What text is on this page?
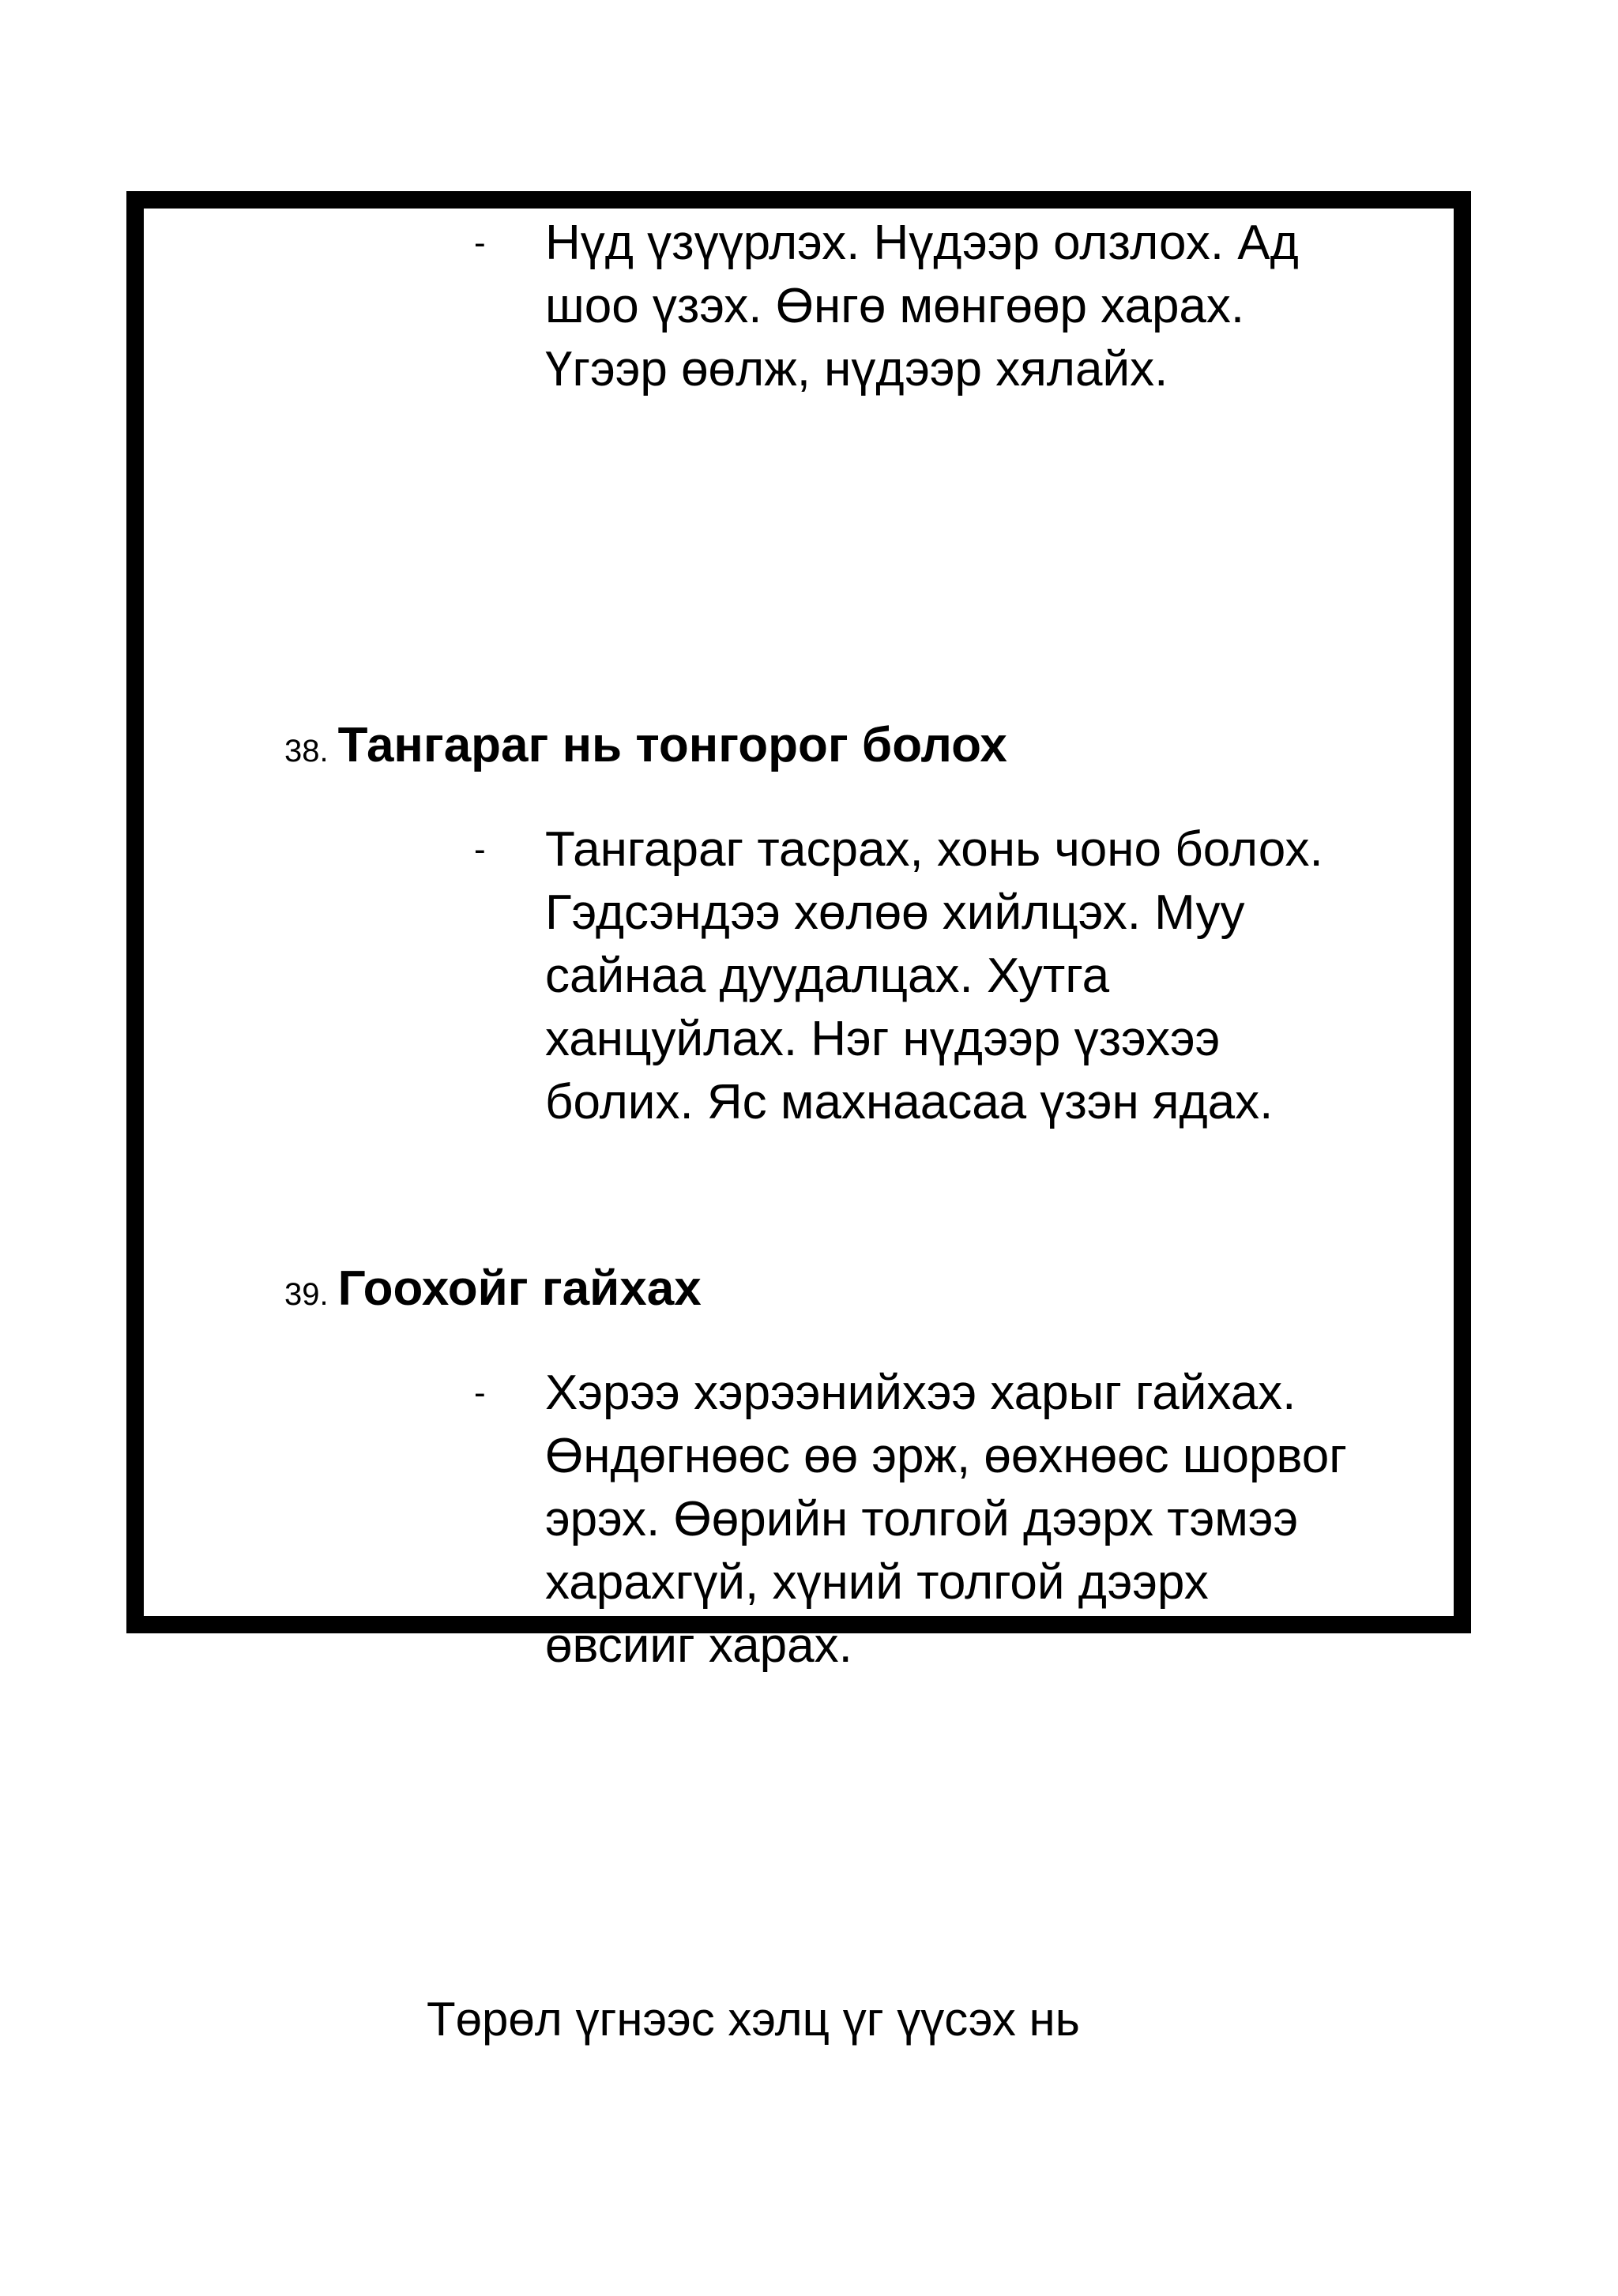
- Нүд үзүүрлэх. Нүдээр олзлох. Ад
шоо үзэх. Өнгө мөнгөөр харах.
Үгээр өөлж, нүдээр хялайх.

38. Тангараг нь тонгорог болох
- Тангараг тасрах, хонь чоно болох.
Гэдсэндээ хөлөө хийлцэх. Муу
сайнаа дуудалцах. Хутга
ханцуйлах. Нэг нүдээр үзэхээ
болих. Яс махнаасаа үзэн ядах.

39. Гоохойг гайхах
- Хэрээ хэрээнийхээ харыг гайхах.
Өндөгнөөс өө эрж, өөхнөөс шорвог
эрэх. Өөрийн толгой дээрх тэмээ
харахгүй, хүний толгой дээрх
өвсийг харах.

Төрөл үгнээс хэлц үг үүсэх нь
